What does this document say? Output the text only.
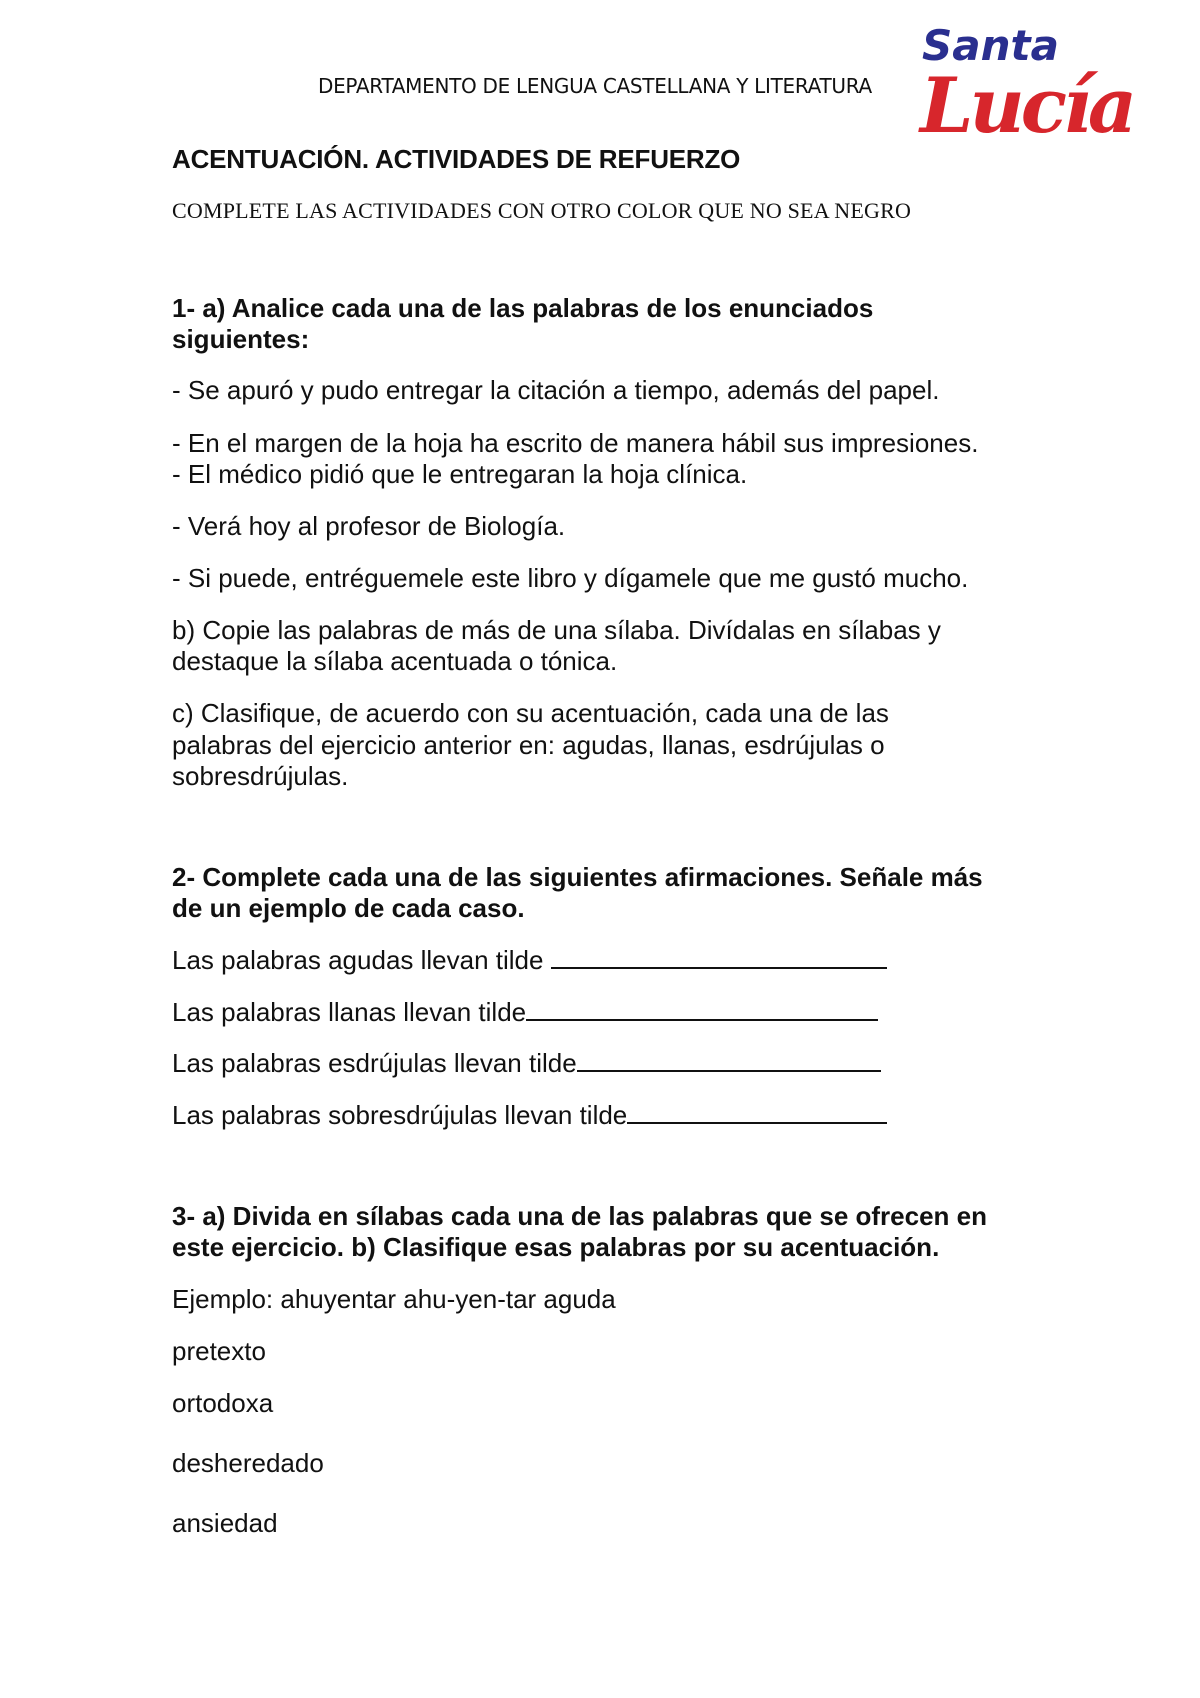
DEPARTAMENTO DE LENGUA CASTELLANA Y LITERATURA
Santa
Lucía
ACENTUACIÓN. ACTIVIDADES DE REFUERZO
COMPLETE LAS ACTIVIDADES CON OTRO COLOR QUE NO SEA NEGRO
1- a) Analice cada una de las palabras de los enunciados
siguientes:
- Se apuró y pudo entregar la citación a tiempo, además del papel.
- En el margen de la hoja ha escrito de manera hábil sus impresiones.
- El médico pidió que le entregaran la hoja clínica.
- Verá hoy al profesor de Biología.
- Si puede, entréguemele este libro y dígamele que me gustó mucho.
b) Copie las palabras de más de una sílaba. Divídalas en sílabas y
destaque la sílaba acentuada o tónica.
c) Clasifique, de acuerdo con su acentuación, cada una de las
palabras del ejercicio anterior en: agudas, llanas, esdrújulas o
sobresdrújulas.
2- Complete cada una de las siguientes afirmaciones. Señale más
de un ejemplo de cada caso.
Las palabras agudas llevan tilde
Las palabras llanas llevan tilde
Las palabras esdrújulas llevan tilde
Las palabras sobresdrújulas llevan tilde
3- a) Divida en sílabas cada una de las palabras que se ofrecen en
este ejercicio. b) Clasifique esas palabras por su acentuación.
Ejemplo: ahuyentar ahu-yen-tar aguda
pretexto
ortodoxa
desheredado
ansiedad
